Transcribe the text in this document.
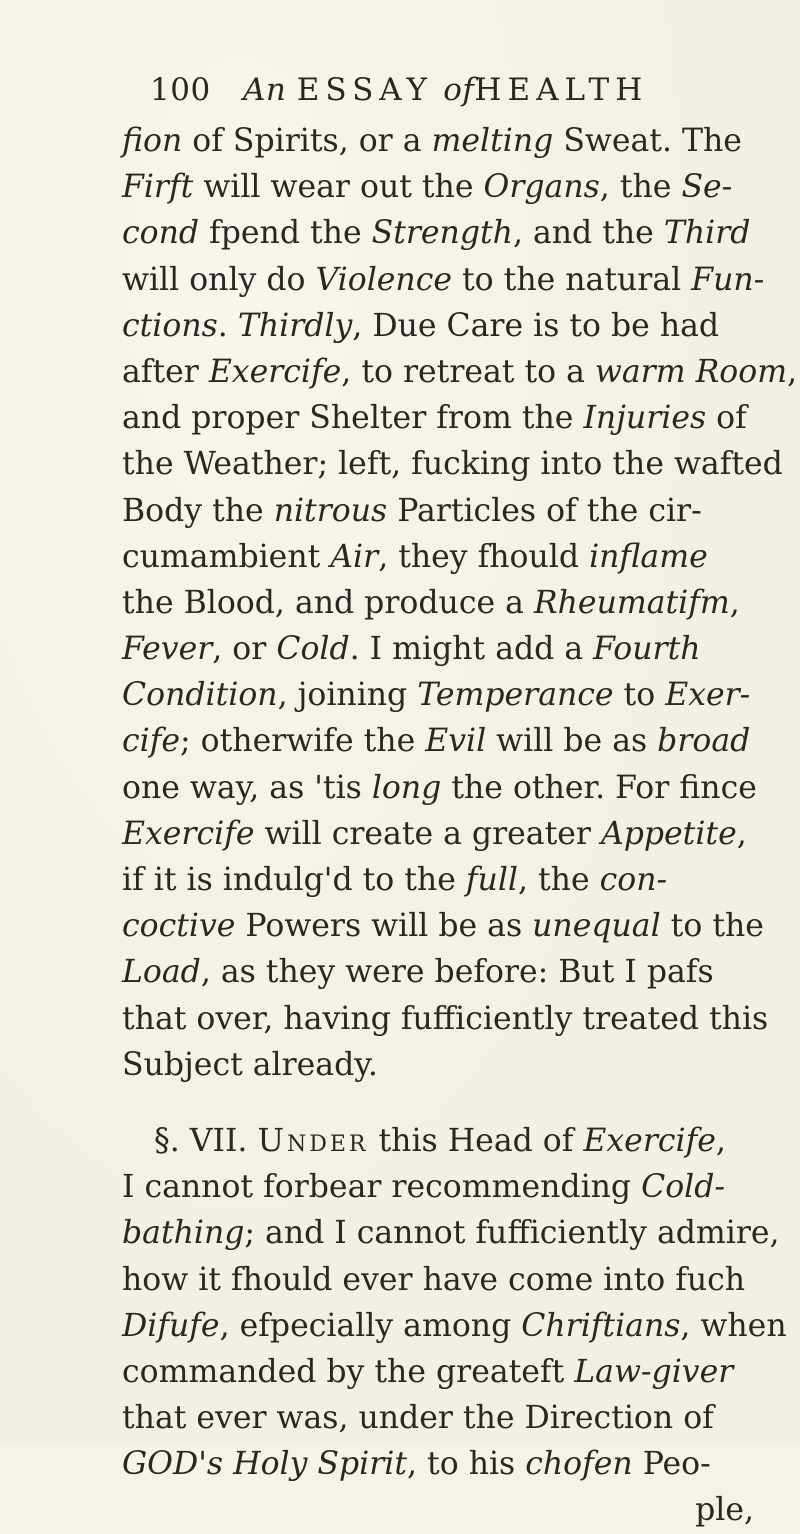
100 An ESSAY ofHEALTH
fion of Spirits, or a melting Sweat. The
Firft will wear out the Organs, the Se-
cond fpend the Strength, and the Third
will only do Violence to the natural Fun-
ctions. Thirdly, Due Care is to be had
after Exercife, to retreat to a warm Room,
and proper Shelter from the Injuries of
the Weather; left, fucking into the wafted
Body the nitrous Particles of the cir-
cumambient Air, they fhould inflame
the Blood, and produce a Rheumatifm,
Fever, or Cold. I might add a Fourth
Condition, joining Temperance to Exer-
cife; otherwife the Evil will be as broad
one way, as 'tis long the other. For fince
Exercife will create a greater Appetite,
if it is indulg'd to the full, the con-
coctive Powers will be as unequal to the
Load, as they were before: But I pafs
that over, having fufficiently treated this
Subject already.
§. VII. Under this Head of Exercife,
I cannot forbear recommending Cold-
bathing; and I cannot fufficiently admire,
how it fhould ever have come into fuch
Difufe, efpecially among Chriftians, when
commanded by the greateft Law-giver
that ever was, under the Direction of
GOD's Holy Spirit, to his chofen Peo-
ple,
